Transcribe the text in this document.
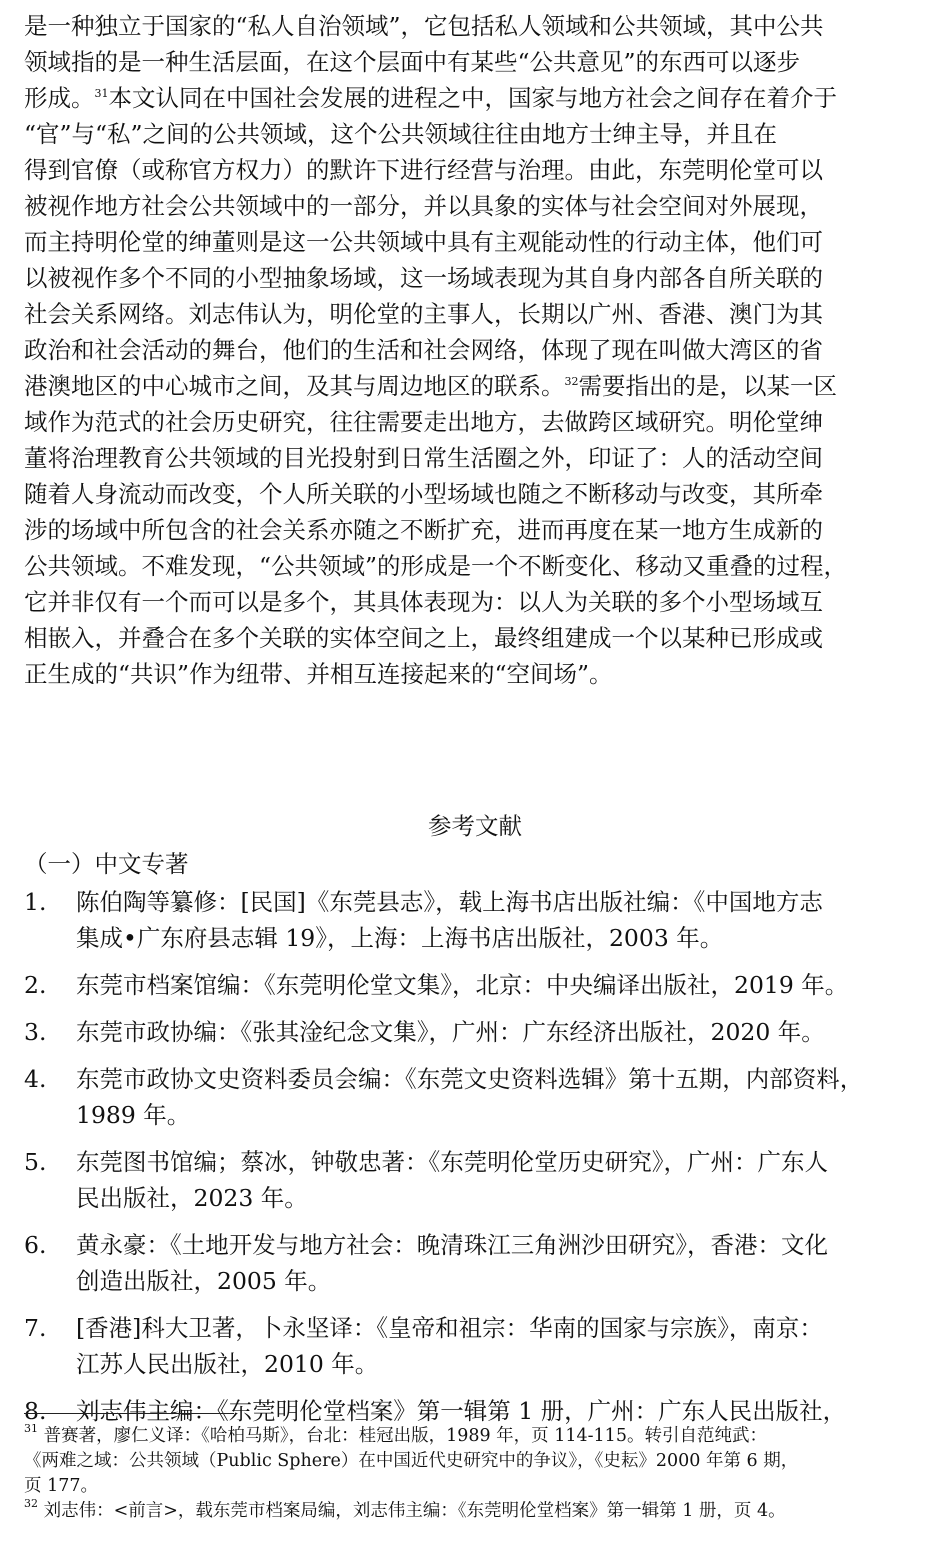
是一种独立于国家的“私人自治领域”，它包括私人领域和公共领域，其中公共
领域指的是一种生活层面，在这个层面中有某些“公共意见”的东西可以逐步
形成。$^{31}$本文认同在中国社会发展的进程之中，国家与地方社会之间存在着介于
“官”与“私”之间的公共领域，这个公共领域往往由地方士绅主导，并且在
得到官僚（或称官方权力）的默许下进行经营与治理。由此，东莞明伦堂可以
被视作地方社会公共领域中的一部分，并以具象的实体与社会空间对外展现，
而主持明伦堂的绅董则是这一公共领域中具有主观能动性的行动主体，他们可
以被视作多个不同的小型抽象场域，这一场域表现为其自身内部各自所关联的
社会关系网络。刘志伟认为，明伦堂的主事人，长期以广州、香港、澳门为其
政治和社会活动的舞台，他们的生活和社会网络，体现了现在叫做大湾区的省
港澳地区的中心城市之间，及其与周边地区的联系。$^{32}$需要指出的是，以某一区
域作为范式的社会历史研究，往往需要走出地方，去做跨区域研究。明伦堂绅
董将治理教育公共领域的目光投射到日常生活圈之外，印证了：人的活动空间
随着人身流动而改变，个人所关联的小型场域也随之不断移动与改变，其所牵
涉的场域中所包含的社会关系亦随之不断扩充，进而再度在某一地方生成新的
公共领域。不难发现，“公共领域”的形成是一个不断变化、移动又重叠的过程，
它并非仅有一个而可以是多个，其具体表现为：以人为关联的多个小型场域互
相嵌入，并叠合在多个关联的实体空间之上，最终组建成一个以某种已形成或
正生成的“共识”作为纽带、并相互连接起来的“空间场”。
参考文献
（一）中文专著
1. 陈伯陶等纂修：[民国]《东莞县志》，载上海书店出版社编：《中国地方志
集成•广东府县志辑 19》，上海：上海书店出版社，2003 年。
2. 东莞市档案馆编：《东莞明伦堂文集》，北京：中央编译出版社，2019 年。
3. 东莞市政协编：《张其淦纪念文集》，广州：广东经济出版社，2020 年。
4. 东莞市政协文史资料委员会编：《东莞文史资料选辑》第十五期，内部资料，
1989 年。
5. 东莞图书馆编；蔡冰，钟敬忠著：《东莞明伦堂历史研究》，广州：广东人
民出版社，2023 年。
6. 黄永豪：《土地开发与地方社会：晚清珠江三角洲沙田研究》，香港：文化
创造出版社，2005 年。
7. [香港]科大卫著，卜永坚译：《皇帝和祖宗：华南的国家与宗族》，南京：
江苏人民出版社，2010 年。
8. 刘志伟主编：《东莞明伦堂档案》第一辑第 1 册，广州：广东人民出版社，
$^{31}$ 普赛著，廖仁义译：《哈柏马斯》，台北：桂冠出版，1989 年，页 114-115。转引自范纯武：
《两难之域：公共领域（Public Sphere）在中国近代史研究中的争议》，《史耘》2000 年第 6 期，
页 177。
$^{32}$ 刘志伟：<前言>，载东莞市档案局编，刘志伟主编：《东莞明伦堂档案》第一辑第 1 册，页 4。
